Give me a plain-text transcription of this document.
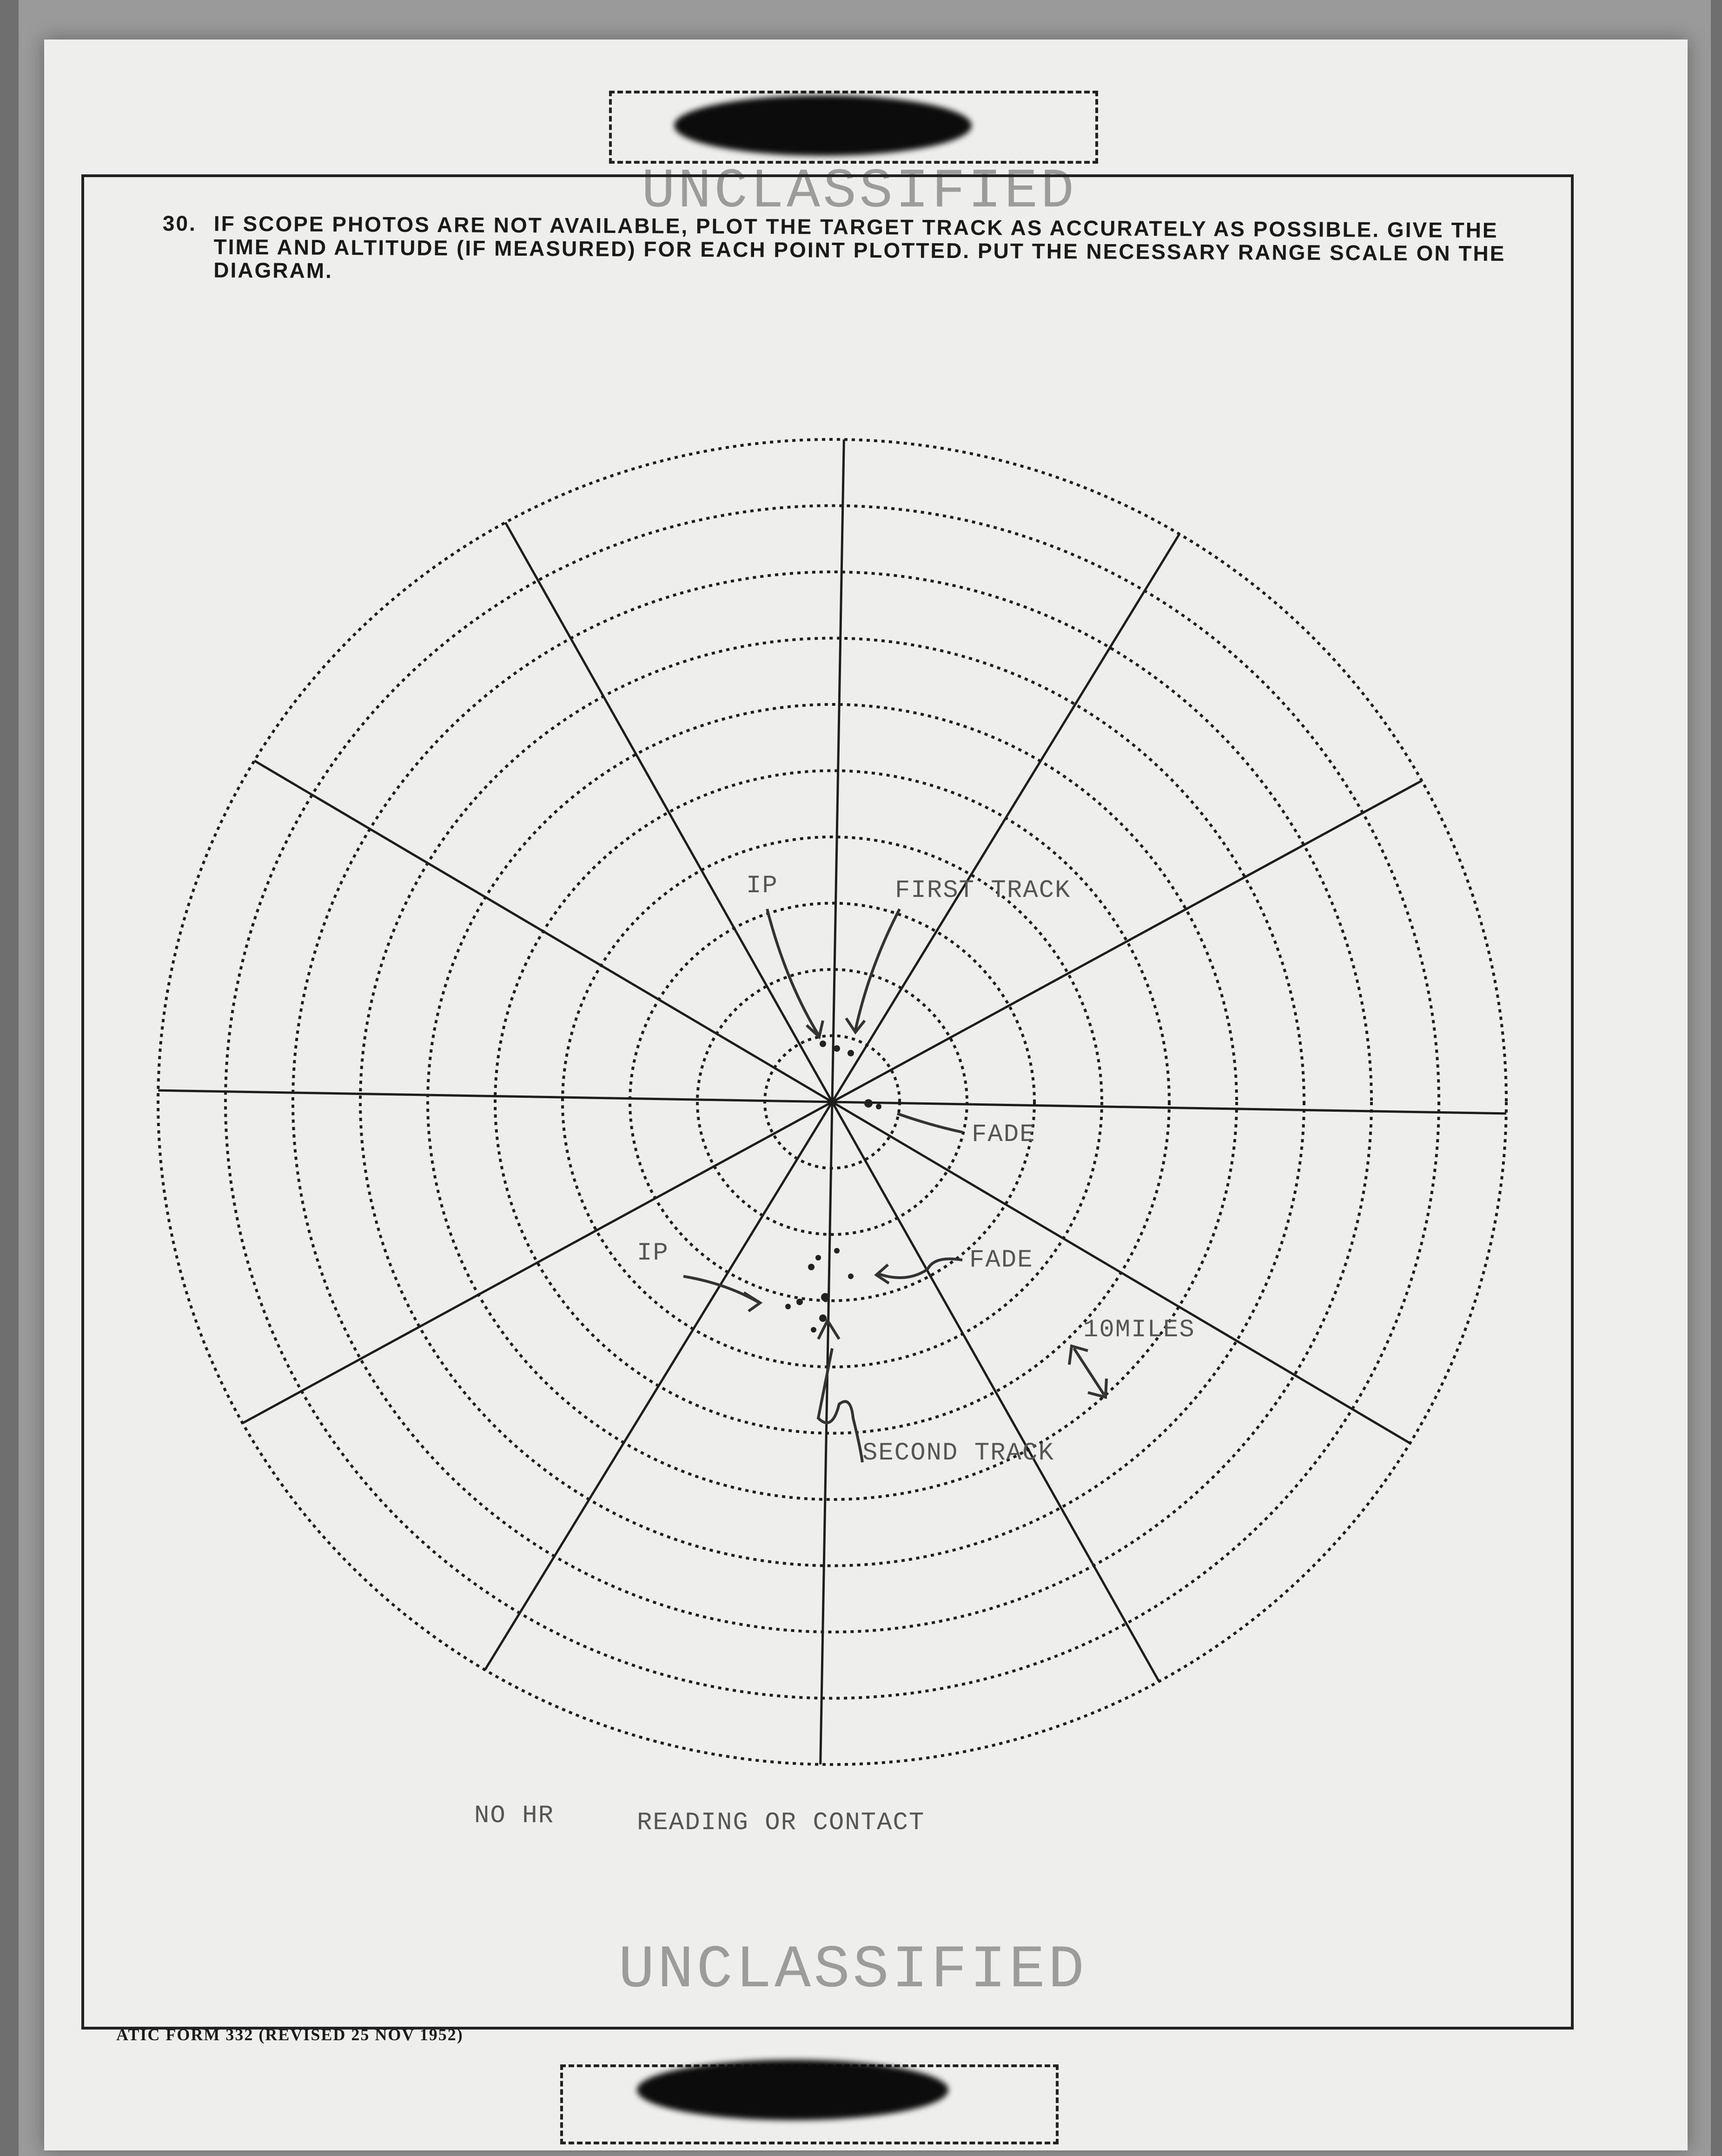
UNCLASSIFIED
30. IF SCOPE PHOTOS ARE NOT AVAILABLE, PLOT THE TARGET TRACK AS ACCURATELY AS POSSIBLE. GIVE THE TIME AND ALTITUDE (IF MEASURED) FOR EACH POINT PLOTTED. PUT THE NECESSARY RANGE SCALE ON THE DIAGRAM.
IP	FIRST TRACK
FADE
IP	FADE
10MILES
SECOND TRACK
NO HR	READING OR CONTACT
UNCLASSIFIED
ATIC FORM 332 (REVISED 25 NOV 1952)
